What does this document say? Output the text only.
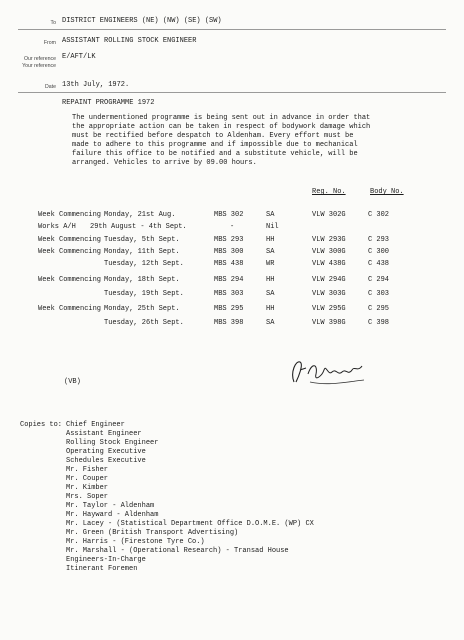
To DISTRICT ENGINEERS (NE) (NW) (SE) (SW)
From ASSISTANT ROLLING STOCK ENGINEER
Our reference E/AFT/LK
Your reference
Date 13th July, 1972.
REPAINT PROGRAMME 1972
The undermentioned programme is being sent out in advance in order that the appropriate action can be taken in respect of bodywork damage which must be rectified before despatch to Aldenham. Every effort must be made to adhere to this programme and if impossible due to mechanical failure this office to be notified and a substitute vehicle, will be arranged. Vehicles to arrive by 09.00 hours.
Reg. No.	Body No.
Week Commencing Monday, 21st Aug.	MBS 302	SA	VLW 302G	C 302
Works A/H 29th August - 4th Sept.	-	Nil
Week Commencing Tuesday, 5th Sept.	MBS 293	HH	VLW 293G	C 293
Week Commencing Monday, 11th Sept.	MBS 300	SA	VLW 300G	C 300
Tuesday, 12th Sept.	MBS 438	WR	VLW 438G	C 438
Week Commencing Monday, 18th Sept.	MBS 294	HH	VLW 294G	C 294
Tuesday, 19th Sept.	MBS 303	SA	VLW 303G	C 303
Week Commencing Monday, 25th Sept.	MBS 295	HH	VLW 295G	C 295
Tuesday, 26th Sept.	MBS 398	SA	VLW 398G	C 398
(VB)
Copies to: Chief Engineer
Assistant Engineer
Rolling Stock Engineer
Operating Executive
Schedules Executive
Mr. Fisher
Mr. Couper
Mr. Kimber
Mrs. Soper
Mr. Taylor - Aldenham
Mr. Hayward - Aldenham
Mr. Lacey - (Statistical Department Office D.O.M.E. (WP) CX
Mr. Green (British Transport Advertising)
Mr. Harris - (Firestone Tyre Co.)
Mr. Marshall - (Operational Research) - Transad House
Engineers-In-Charge
Itinerant Foremen
